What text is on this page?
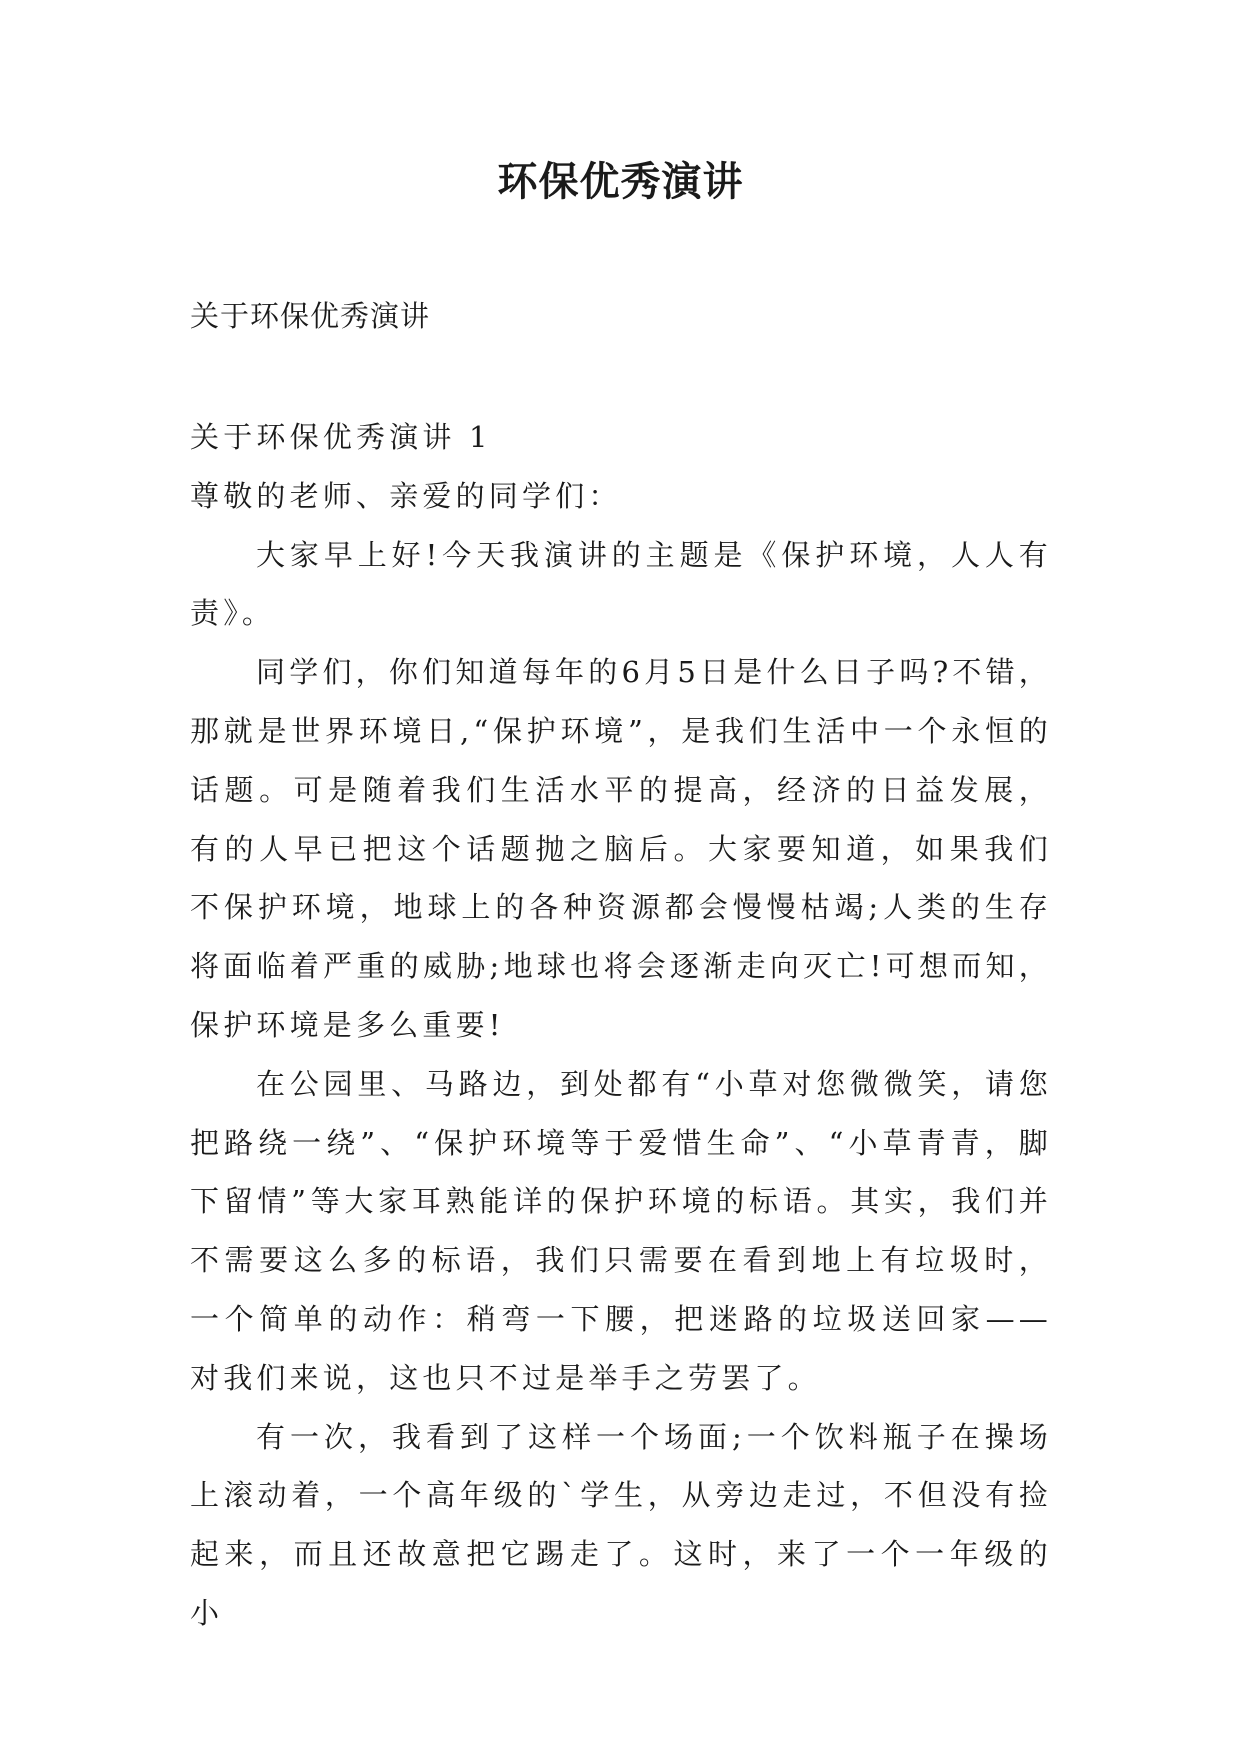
环保优秀演讲

关于环保优秀演讲

关于环保优秀演讲 1

尊敬的老师、亲爱的同学们：

大家早上好!今天我演讲的主题是《保护环境，人人有责》。

同学们，你们知道每年的6月5日是什么日子吗?不错，那就是世界环境日,“保护环境”，是我们生活中一个永恒的话题。可是随着我们生活水平的提高，经济的日益发展，有的人早已把这个话题抛之脑后。大家要知道，如果我们不保护环境，地球上的各种资源都会慢慢枯竭;人类的生存将面临着严重的威胁;地球也将会逐渐走向灭亡!可想而知，保护环境是多么重要!

在公园里、马路边，到处都有“小草对您微微笑，请您把路绕一绕”、“保护环境等于爱惜生命”、“小草青青，脚下留情”等大家耳熟能详的保护环境的标语。其实，我们并不需要这么多的标语，我们只需要在看到地上有垃圾时，一个简单的动作：稍弯一下腰，把迷路的垃圾送回家——对我们来说，这也只不过是举手之劳罢了。

有一次，我看到了这样一个场面;一个饮料瓶子在操场上滚动着，一个高年级的`学生，从旁边走过，不但没有捡起来，而且还故意把它踢走了。这时，来了一个一年级的小
